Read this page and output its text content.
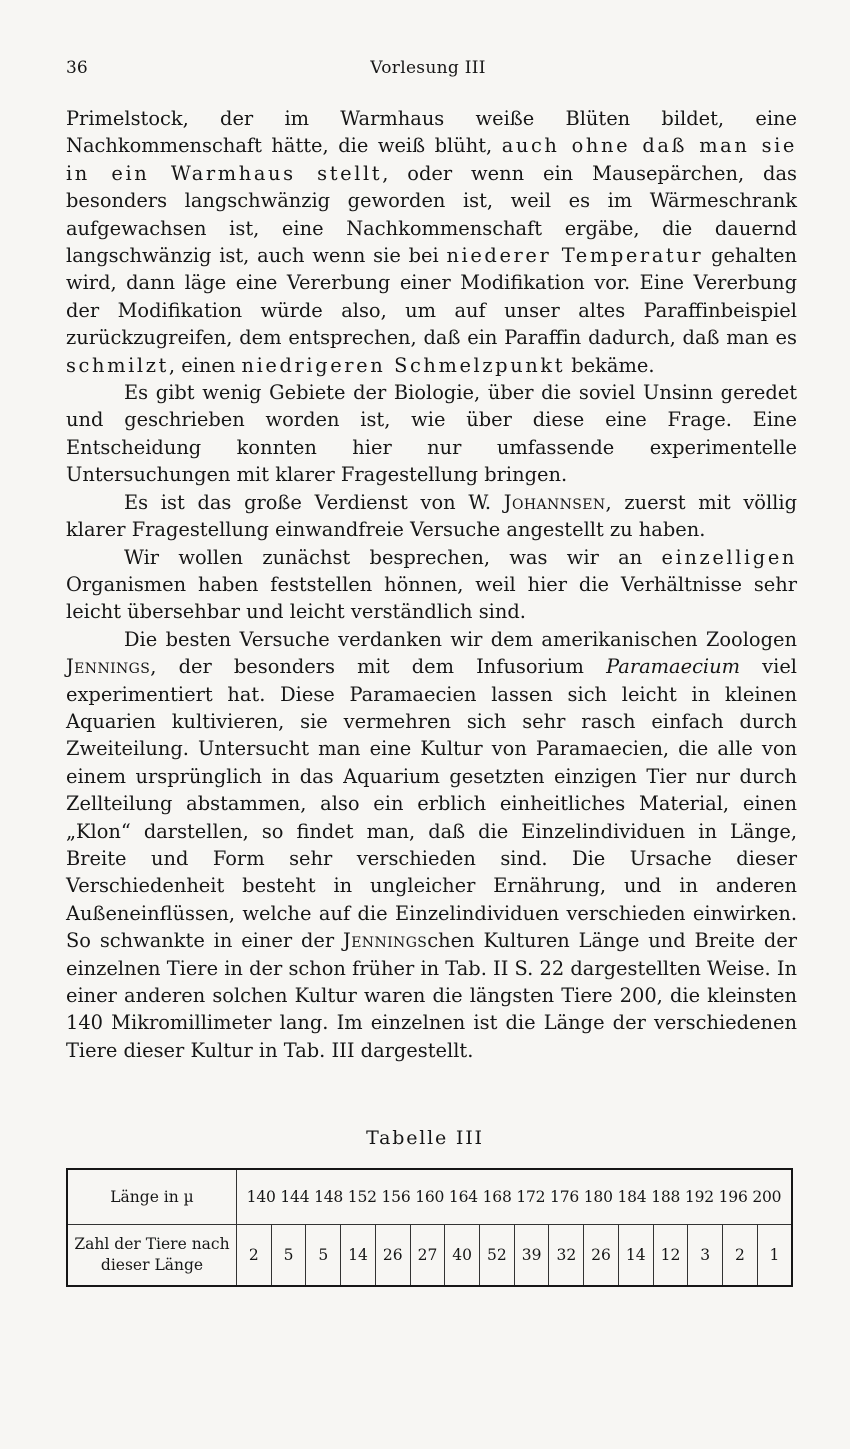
36	Vorlesung III

Primelstock, der im Warmhaus weiße Blüten bildet, eine Nachkommenschaft hätte, die weiß blüht, auch ohne daß man sie in ein Warmhaus stellt, oder wenn ein Mausepärchen, das besonders langschwänzig geworden ist, weil es im Wärmeschrank aufgewachsen ist, eine Nachkommenschaft ergäbe, die dauernd langschwänzig ist, auch wenn sie bei niederer Temperatur gehalten wird, dann läge eine Vererbung einer Modifikation vor. Eine Vererbung der Modifikation würde also, um auf unser altes Paraffinbeispiel zurückzugreifen, dem entsprechen, daß ein Paraffin dadurch, daß man es schmilzt, einen niedrigeren Schmelzpunkt bekäme.

Es gibt wenig Gebiete der Biologie, über die soviel Unsinn geredet und geschrieben worden ist, wie über diese eine Frage. Eine Entscheidung konnten hier nur umfassende experimentelle Untersuchungen mit klarer Fragestellung bringen.

Es ist das große Verdienst von W. Johannsen, zuerst mit völlig klarer Fragestellung einwandfreie Versuche angestellt zu haben.

Wir wollen zunächst besprechen, was wir an einzelligen Organismen haben feststellen hönnen, weil hier die Verhältnisse sehr leicht übersehbar und leicht verständlich sind.

Die besten Versuche verdanken wir dem amerikanischen Zoologen Jennings, der besonders mit dem Infusorium Paramaecium viel experimentiert hat. Diese Paramaecien lassen sich leicht in kleinen Aquarien kultivieren, sie vermehren sich sehr rasch einfach durch Zweiteilung. Untersucht man eine Kultur von Paramaecien, die alle von einem ursprünglich in das Aquarium gesetzten einzigen Tier nur durch Zellteilung abstammen, also ein erblich einheitliches Material, einen „Klon“ darstellen, so findet man, daß die Einzelindividuen in Länge, Breite und Form sehr verschieden sind. Die Ursache dieser Verschiedenheit besteht in ungleicher Ernährung, und in anderen Außeneinflüssen, welche auf die Einzelindividuen verschieden einwirken. So schwankte in einer der Jenningschen Kulturen Länge und Breite der einzelnen Tiere in der schon früher in Tab. II S. 22 dargestellten Weise. In einer anderen solchen Kultur waren die längsten Tiere 200, die kleinsten 140 Mikromillimeter lang. Im einzelnen ist die Länge der verschiedenen Tiere dieser Kultur in Tab. III dargestellt.

Tabelle III
Länge in µ	140 144 148 152 156 160 164 168 172 176 180 184 188 192 196 200															
Zahl der Tiere nach dieser Länge	2	5	5	14	26	27	40	52	39	32	26	14	12	3	2	1
